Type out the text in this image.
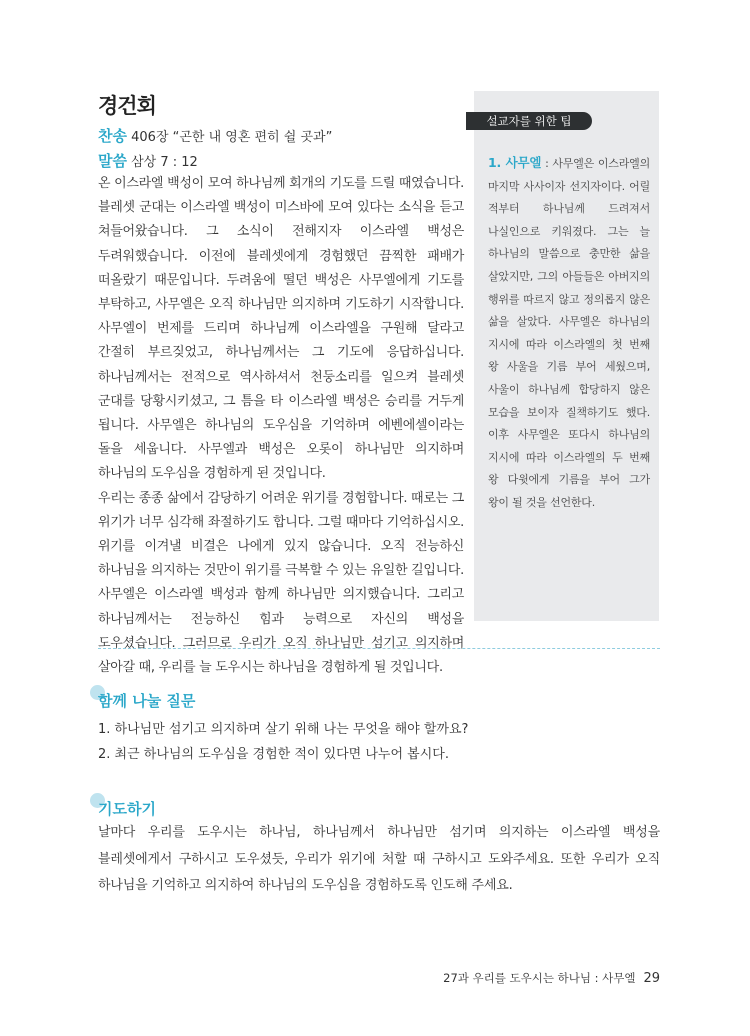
경건회
찬송 406장 “곤한 내 영혼 편히 쉴 곳과”
말씀 삼상 7 : 12

온 이스라엘 백성이 모여 하나님께 회개의 기도를 드릴 때였습니다. 블레셋 군대는 이스라엘 백성이 미스바에 모여 있다는 소식을 듣고 쳐들어왔습니다. 그 소식이 전해지자 이스라엘 백성은 두려워했습니다. 이전에 블레셋에게 경험했던 끔찍한 패배가 떠올랐기 때문입니다. 두려움에 떨던 백성은 사무엘에게 기도를 부탁하고, 사무엘은 오직 하나님만 의지하며 기도하기 시작합니다. 사무엘이 번제를 드리며 하나님께 이스라엘을 구원해 달라고 간절히 부르짖었고, 하나님께서는 그 기도에 응답하십니다. 하나님께서는 전적으로 역사하셔서 천둥소리를 일으켜 블레셋 군대를 당황시키셨고, 그 틈을 타 이스라엘 백성은 승리를 거두게 됩니다. 사무엘은 하나님의 도우심을 기억하며 에벤에셀이라는 돌을 세웁니다. 사무엘과 백성은 오롯이 하나님만 의지하며 하나님의 도우심을 경험하게 된 것입니다.

우리는 종종 삶에서 감당하기 어려운 위기를 경험합니다. 때로는 그 위기가 너무 심각해 좌절하기도 합니다. 그럴 때마다 기억하십시오. 위기를 이겨낼 비결은 나에게 있지 않습니다. 오직 전능하신 하나님을 의지하는 것만이 위기를 극복할 수 있는 유일한 길입니다. 사무엘은 이스라엘 백성과 함께 하나님만 의지했습니다. 그리고 하나님께서는 전능하신 힘과 능력으로 자신의 백성을 도우셨습니다. 그러므로 우리가 오직 하나님만 섬기고 의지하며 살아갈 때, 우리를 늘 도우시는 하나님을 경험하게 될 것입니다.

설교자를 위한 팁
1. 사무엘 : 사무엘은 이스라엘의 마지막 사사이자 선지자이다. 어릴 적부터 하나님께 드려져서 나실인으로 키워졌다. 그는 늘 하나님의 말씀으로 충만한 삶을 살았지만, 그의 아들들은 아버지의 행위를 따르지 않고 정의롭지 않은 삶을 살았다. 사무엘은 하나님의 지시에 따라 이스라엘의 첫 번째 왕 사울을 기름 부어 세웠으며, 사울이 하나님께 합당하지 않은 모습을 보이자 질책하기도 했다. 이후 사무엘은 또다시 하나님의 지시에 따라 이스라엘의 두 번째 왕 다윗에게 기름을 부어 그가 왕이 될 것을 선언한다.
함께 나눌 질문
1. 하나님만 섬기고 의지하며 살기 위해 나는 무엇을 해야 할까요?
2. 최근 하나님의 도우심을 경험한 적이 있다면 나누어 봅시다.
기도하기
날마다 우리를 도우시는 하나님, 하나님께서 하나님만 섬기며 의지하는 이스라엘 백성을 블레셋에게서 구하시고 도우셨듯, 우리가 위기에 처할 때 구하시고 도와주세요. 또한 우리가 오직 하나님을 기억하고 의지하여 하나님의 도우심을 경험하도록 인도해 주세요.
27과 우리를 도우시는 하나님 : 사무엘 29
